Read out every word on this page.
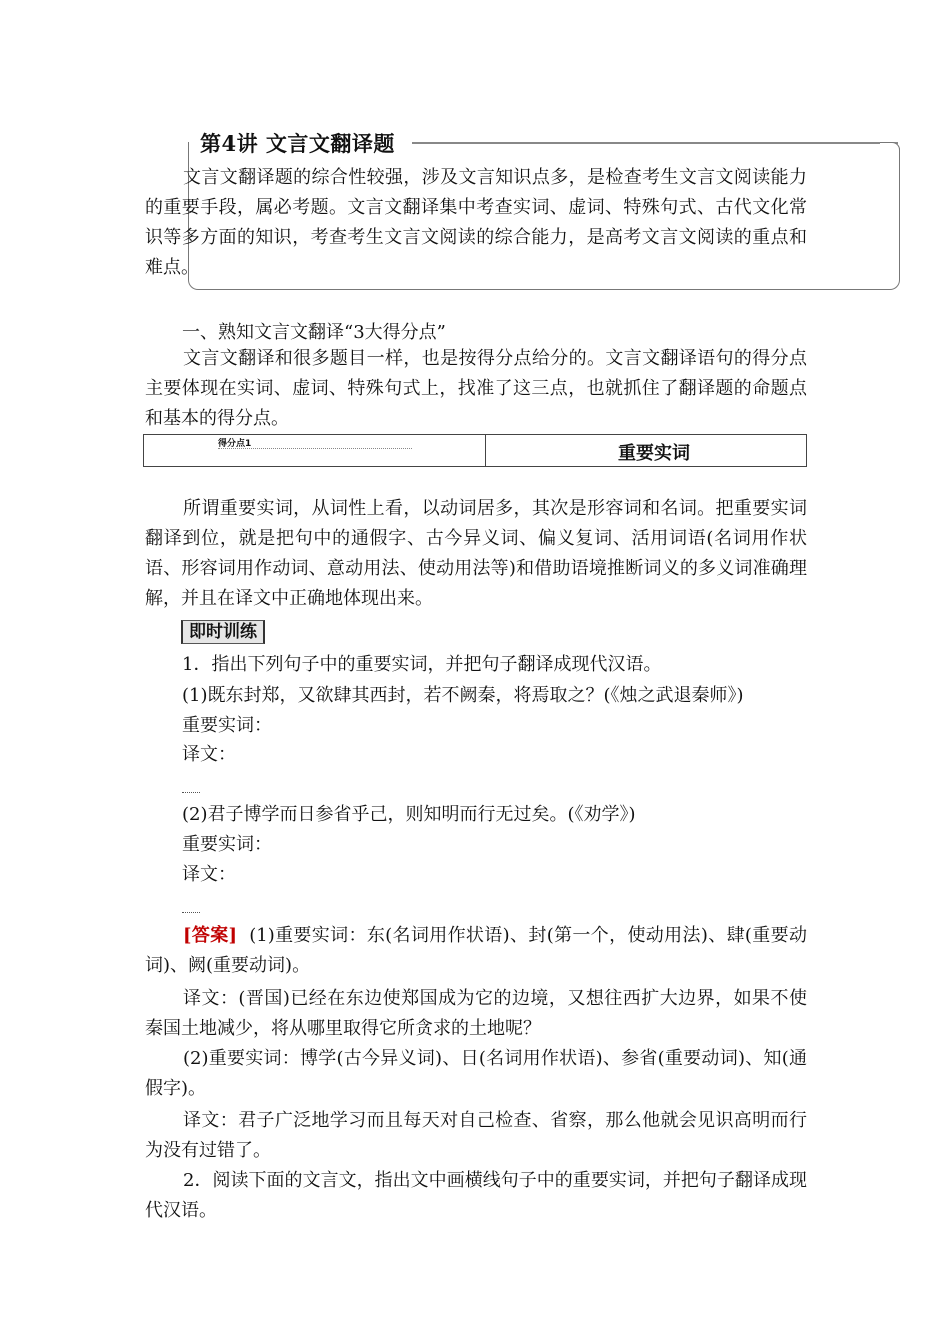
第4讲 文言文翻译题

文言文翻译题的综合性较强，涉及文言知识点多，是检查考生文言文阅读能力的重要手段，属必考题。文言文翻译集中考查实词、虚词、特殊句式、古代文化常识等多方面的知识，考查考生文言文阅读的综合能力，是高考文言文阅读的重点和难点。

一、熟知文言文翻译“3大得分点”

文言文翻译和很多题目一样，也是按得分点给分的。文言文翻译语句的得分点主要体现在实词、虚词、特殊句式上，找准了这三点，也就抓住了翻译题的命题点和基本的得分点。

得分点1	重要实词

所谓重要实词，从词性上看，以动词居多，其次是形容词和名词。把重要实词翻译到位，就是把句中的通假字、古今异义词、偏义复词、活用词语(名词用作状语、形容词用作动词、意动用法、使动用法等)和借助语境推断词义的多义词准确理解，并且在译文中正确地体现出来。

即时训练
1．指出下列句子中的重要实词，并把句子翻译成现代汉语。
(1)既东封郑，又欲肆其西封，若不阙秦，将焉取之？(《烛之武退秦师》)
重要实词：
译文：
(2)君子博学而日参省乎己，则知明而行无过矣。(《劝学》)
重要实词：
译文：

[答案] (1)重要实词：东(名词用作状语)、封(第一个，使动用法)、肆(重要动词)、阙(重要动词)。

译文：(晋国)已经在东边使郑国成为它的边境，又想往西扩大边界，如果不使秦国土地减少，将从哪里取得它所贪求的土地呢？

(2)重要实词：博学(古今异义词)、日(名词用作状语)、参省(重要动词)、知(通假字)。

译文：君子广泛地学习而且每天对自己检查、省察，那么他就会见识高明而行为没有过错了。

2．阅读下面的文言文，指出文中画横线句子中的重要实词，并把句子翻译成现代汉语。
